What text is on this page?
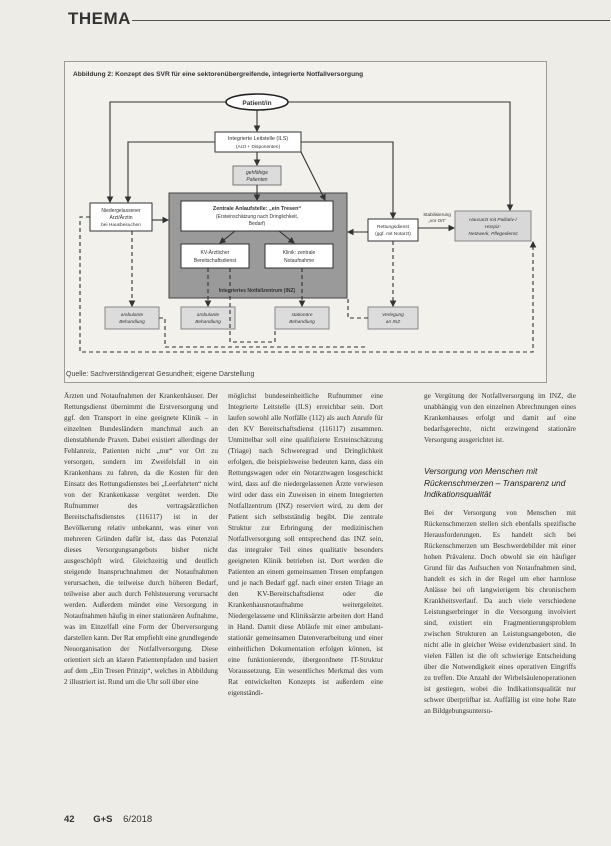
THEMA
Abbildung 2: Konzept des SVR für eine sektorenübergreifende, integrierte Notfallversorgung
Patient/in
Integrierte Leitstelle (ILS)
(Arzt + Disponenten)
gehfähige
Patienten
Niedergelassener
Arzt/Ärztin
bei Hausbesuchen
Zentrale Anlaufstelle: „ein Tresen“
(Ersteinschätzung nach Dringlichkeit,
Bedarf)
KV-Ärztlicher
Bereitschaftsdienst
Klinik: zentrale
Notaufnahme
Integriertes Notfallzentrum (INZ)
Rettungsdienst
(ggf. mit Notarzt)
Stabilisierung
„vor Ort“	Hausarzt mit Palliativ-/
Hospiz-
Netzwerk, Pflegedienst
ambulante
Behandlung
ambulante
Behandlung
stationäre
Behandlung
Verlegung
an INZ
Quelle: Sachverständigenrat Gesundheit; eigene Darstellung
Ärzten und Notaufnahmen der Krankenhäuser. Der Rettungsdienst übernimmt die Erstversorgung und ggf. den Transport in eine geeignete Klinik – in einzelnen Bundesländern manchmal auch an dienstabhende Praxen. Dabei existiert allerdings der Fehlanreiz, Patienten nicht „nur“ vor Ort zu versorgen, sondern im Zweifelsfall in ein Krankenhaus zu fahren, da die Kosten für den Einsatz des Rettungsdienstes bei „Leerfahrten“ nicht von der Krankenkasse vergütet werden. Die Rufnummer des vertragsärztlichen Bereitschaftsdienstes (116117) ist in der Bevölkerung relativ unbekannt, was einer von mehreren Gründen dafür ist, dass das Potenzial dieses Versorgungsangebots bisher nicht ausgeschöpft wird. Gleichzeitig und deutlich steigende Inanspruchnahmen der Notaufnahmen verursachen, die teilweise durch höheren Bedarf, teilweise aber auch durch Fehlsteuerung verursacht werden. Außerdem mündet eine Versorgung in Notaufnahmen häufig in einer stationären Aufnahme, was im Einzelfall eine Form der Überversorgung darstellen kann. Der Rat empfiehlt eine grundlegende Neuorganisation der Notfallversorgung. Diese orientiert sich an klaren Patientenpfaden und basiert auf dem „Ein Tresen Prinzip“, welches in Abbildung 2 illustriert ist. Rund um die Uhr soll über eine
möglichst bundeseinheitliche Rufnummer eine Integrierte Leitstelle (ILS) erreichbar sein. Dort laufen sowohl alle Notfälle (112) als auch Anrufe für den KV Bereitschaftsdienst (116117) zusammen. Unmittelbar soll eine qualifizierte Ersteinschätzung (Triage) nach Schweregrad und Dringlichkeit erfolgen, die beispielsweise bedeuten kann, dass ein Rettungswagen oder ein Notarztwagen losgeschickt wird, dass auf die niedergelassenen Ärzte verwiesen wird oder dass ein Zuweisen in einem Integrierten Notfallzentrum (INZ) reserviert wird, zu dem der Patient sich selbstständig begibt. Die zentrale Struktur zur Erbringung der medizinischen Notfallversorgung soll entsprechend das INZ sein, das integraler Teil eines qualitativ besonders geeigneten Klinik betrieben ist. Dort werden die Patienten an einem gemeinsamen Tresen empfangen und je nach Bedarf ggf. nach einer ersten Triage an den KV-Bereitschaftsdienst oder die Krankenhausnotaufnahme weitergeleitet. Niedergelassene und Kliniksärzte arbeiten dort Hand in Hand. Damit diese Abläufe mit einer ambulant-stationär gemeinsamen Datenverarbeitung und einer einheitlichen Dokumentation erfolgen können, ist eine funktionierende, übergeordnete IT-Struktur Voraussetzung. Ein wesentliches Merkmal des vom Rat entwickelten Konzepts ist außerdem eine eigenständi-
ge Vergütung der Notfallversorgung im INZ, die unabhängig von den einzelnen Abrechnungen eines Krankenhauses erfolgt und damit auf eine bedarfsgerechte, nicht erzwingend stationäre Versorgung ausgerichtet ist.
Versorgung von Menschen mit Rückenschmerzen – Transparenz und Indikationsqualität
Bei der Versorgung von Menschen mit Rückenschmerzen stellen sich ebenfalls spezifische Herausforderungen. Es handelt sich bei Rückenschmerzen um Beschwerdebilder mit einer hohen Prävalenz. Doch obwohl sie ein häufiger Grund für das Aufsuchen von Notaufnahmen sind, handelt es sich in der Regel um eher harmlose Anlässe bei oft langwierigem bis chronischem Krankheitsverlauf. Da auch viele verschiedene Leistungserbringer in die Versorgung involviert sind, existiert ein Fragmentierungsproblem zwischen Strukturen an Leistungsangeboten, die nicht alle in gleicher Weise evidenzbasiert sind. In vielen Fällen ist die oft schwierige Entscheidung über die Notwendigkeit eines operativen Eingriffs zu treffen. Die Anzahl der Wirbelsäulenoperationen ist gestiegen, wobei die Indikationsqualität nur schwer überprüfbar ist. Auffällig ist eine hohe Rate an Bildgebungsuntersu-
42 G+S 6/2018
